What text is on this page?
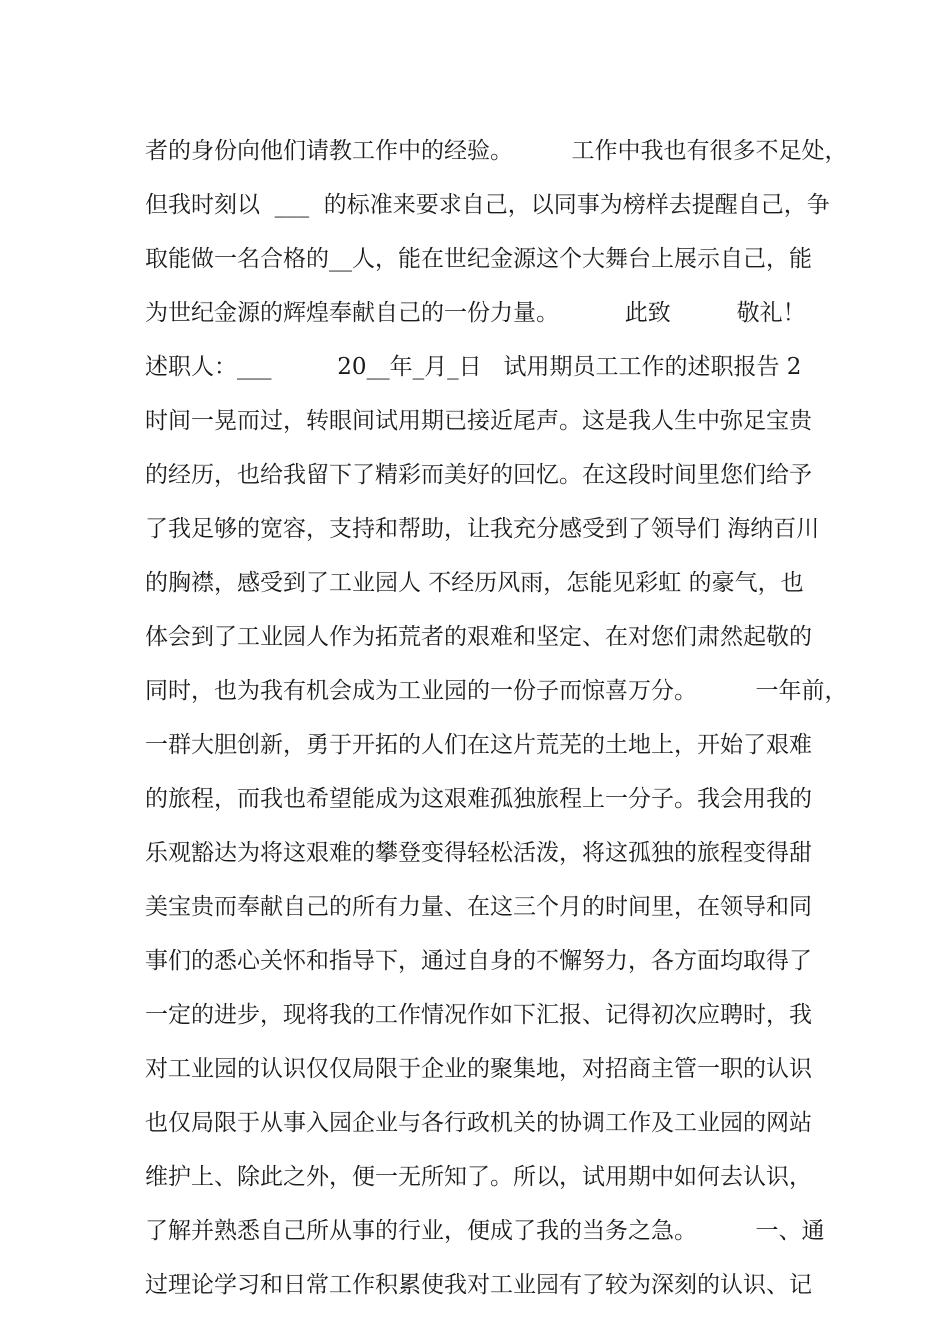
者的身份向他们请教工作中的经验。        工作中我也有很多不足处，
但我时刻以  ___  的标准来要求自己，以同事为榜样去提醒自己，争
取能做一名合格的__人，能在世纪金源这个大舞台上展示自己，能
为世纪金源的辉煌奉献自己的一份力量。         此致         敬礼！
述职人：___         20__年_月_日   试用期员工工作的述职报告 2
时间一晃而过，转眼间试用期已接近尾声。这是我人生中弥足宝贵
的经历，也给我留下了精彩而美好的回忆。在这段时间里您们给予
了我足够的宽容，支持和帮助，让我充分感受到了领导们 海纳百川
的胸襟，感受到了工业园人 不经历风雨，怎能见彩虹 的豪气，也
体会到了工业园人作为拓荒者的艰难和坚定、在对您们肃然起敬的
同时，也为我有机会成为工业园的一份子而惊喜万分。        一年前，
一群大胆创新，勇于开拓的人们在这片荒芜的土地上，开始了艰难
的旅程，而我也希望能成为这艰难孤独旅程上一分子。我会用我的
乐观豁达为将这艰难的攀登变得轻松活泼，将这孤独的旅程变得甜
美宝贵而奉献自己的所有力量、在这三个月的时间里，在领导和同
事们的悉心关怀和指导下，通过自身的不懈努力，各方面均取得了
一定的进步，现将我的工作情况作如下汇报、记得初次应聘时，我
对工业园的认识仅仅局限于企业的聚集地，对招商主管一职的认识
也仅局限于从事入园企业与各行政机关的协调工作及工业园的网站
维护上、除此之外，便一无所知了。所以，试用期中如何去认识，
了解并熟悉自己所从事的行业，便成了我的当务之急。        一、通
过理论学习和日常工作积累使我对工业园有了较为深刻的认识、记
